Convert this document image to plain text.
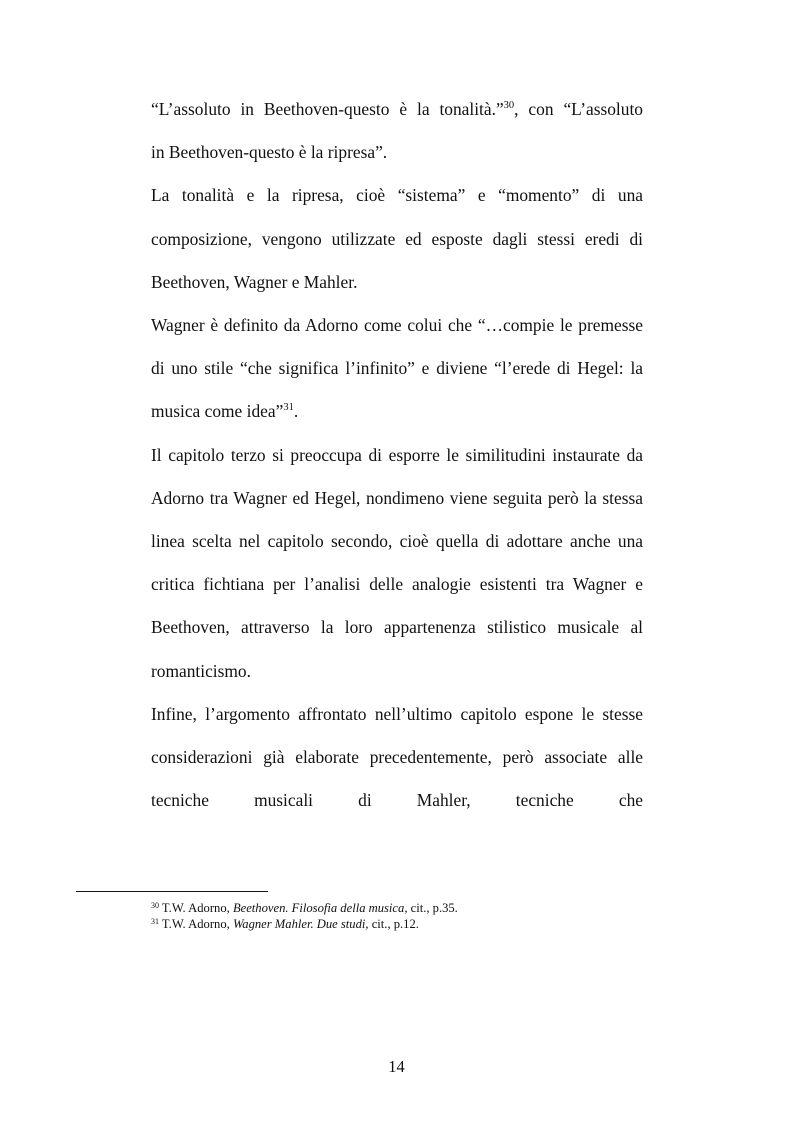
“L’assoluto in Beethoven-questo è la tonalità.”$^{30}$, con “L’assoluto

in Beethoven-questo è la ripresa”.

La tonalità e la ripresa, cioè “sistema” e “momento” di una composizione, vengono utilizzate ed esposte dagli stessi eredi di Beethoven, Wagner e Mahler.

Wagner è definito da Adorno come colui che “…compie le premesse di uno stile “che significa l’infinito” e diviene “l’erede di Hegel: la musica come idea”$^{31}$.

Il capitolo terzo si preoccupa di esporre le similitudini instaurate da Adorno tra Wagner ed Hegel, nondimeno viene seguita però la stessa linea scelta nel capitolo secondo, cioè quella di adottare anche una critica fichtiana per l’analisi delle analogie esistenti tra Wagner e Beethoven, attraverso la loro appartenenza stilistico musicale al romanticismo.

Infine, l’argomento affrontato nell’ultimo capitolo espone le stesse considerazioni già elaborate precedentemente, però associate alle tecniche musicali di Mahler, tecniche che

$^{30}$ T.W. Adorno, Beethoven. Filosofia della musica, cit., p.35.

$^{31}$ T.W. Adorno, Wagner Mahler. Due studi, cit., p.12.

14
